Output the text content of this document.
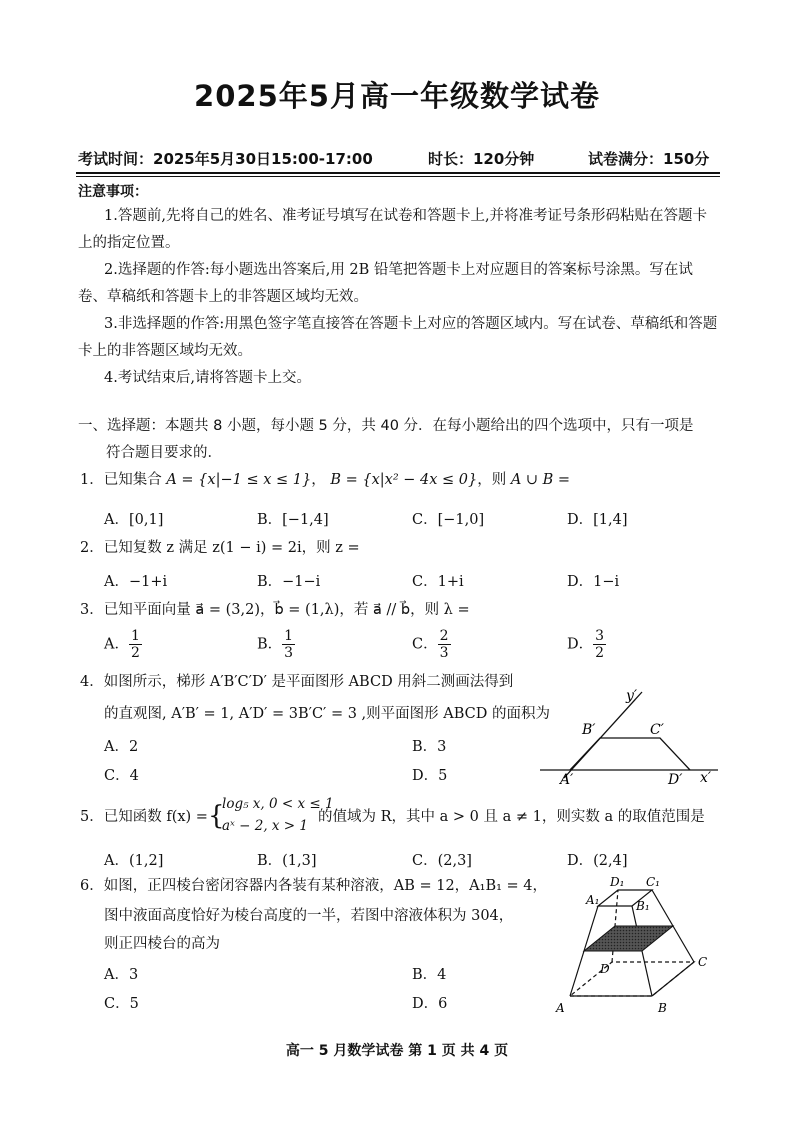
2025年5月高一年级数学试卷
考试时间：2025年5月30日15:00-17:00	时长：120分钟	试卷满分：150分
注意事项：
1.答题前,先将自己的姓名、准考证号填写在试卷和答题卡上,并将准考证号条形码粘贴在答题卡上的指定位置。
2.选择题的作答:每小题选出答案后,用 2B 铅笔把答题卡上对应题目的答案标号涂黑。写在试卷、草稿纸和答题卡上的非答题区域均无效。
3.非选择题的作答:用黑色签字笔直接答在答题卡上对应的答题区域内。写在试卷、草稿纸和答题卡上的非答题区域均无效。
4.考试结束后,请将答题卡上交。
一、选择题：本题共 8 小题，每小题 5 分，共 40 分．在每小题给出的四个选项中，只有一项是
符合题目要求的．
1．已知集合 A = {x|−1 ≤ x ≤ 1}， B = {x|x² − 4x ≤ 0}，则 A ∪ B =
A．[0,1]	B．[−1,4]	C．[−1,0]	D．[1,4]
2．已知复数 z 满足 z(1 − i) = 2i，则 z =
A．−1+i	B．−1−i	C．1+i	D．1−i
3．已知平面向量 a⃗ = (3,2)，b⃗ = (1,λ)，若 a⃗ // b⃗，则 λ =
A． $\frac{1}{2}$	B． $\frac{1}{3}$	C． $\frac{2}{3}$	D． $\frac{3}{2}$
4．如图所示，梯形 A′B′C′D′ 是平面图形 ABCD 用斜二测画法得到
的直观图, A′B′ = 1, A′D′ = 3B′C′ = 3 ,则平面图形 ABCD 的面积为
A．2	B．3
C．4	D．5
y′
B′	C′
A′	D′ x′
5．已知函数 f(x) = {
log₅ x, 0 < x ≤ 1
aˣ − 2, x > 1
的值域为 R，其中 a > 0 且 a ≠ 1，则实数 a 的取值范围是
A．(1,2]	B．(1,3]	C．(2,3]	D．(2,4]
6．如图，正四棱台密闭容器内各装有某种溶液，AB = 12，A₁B₁ = 4，
图中液面高度恰好为棱台高度的一半，若图中溶液体积为 304，
则正四棱台的高为
A．3	B．4
C．5	D．6
D₁ C₁
A₁	B₁
D	C
A	B
高一 5 月数学试卷 第 1 页 共 4 页
